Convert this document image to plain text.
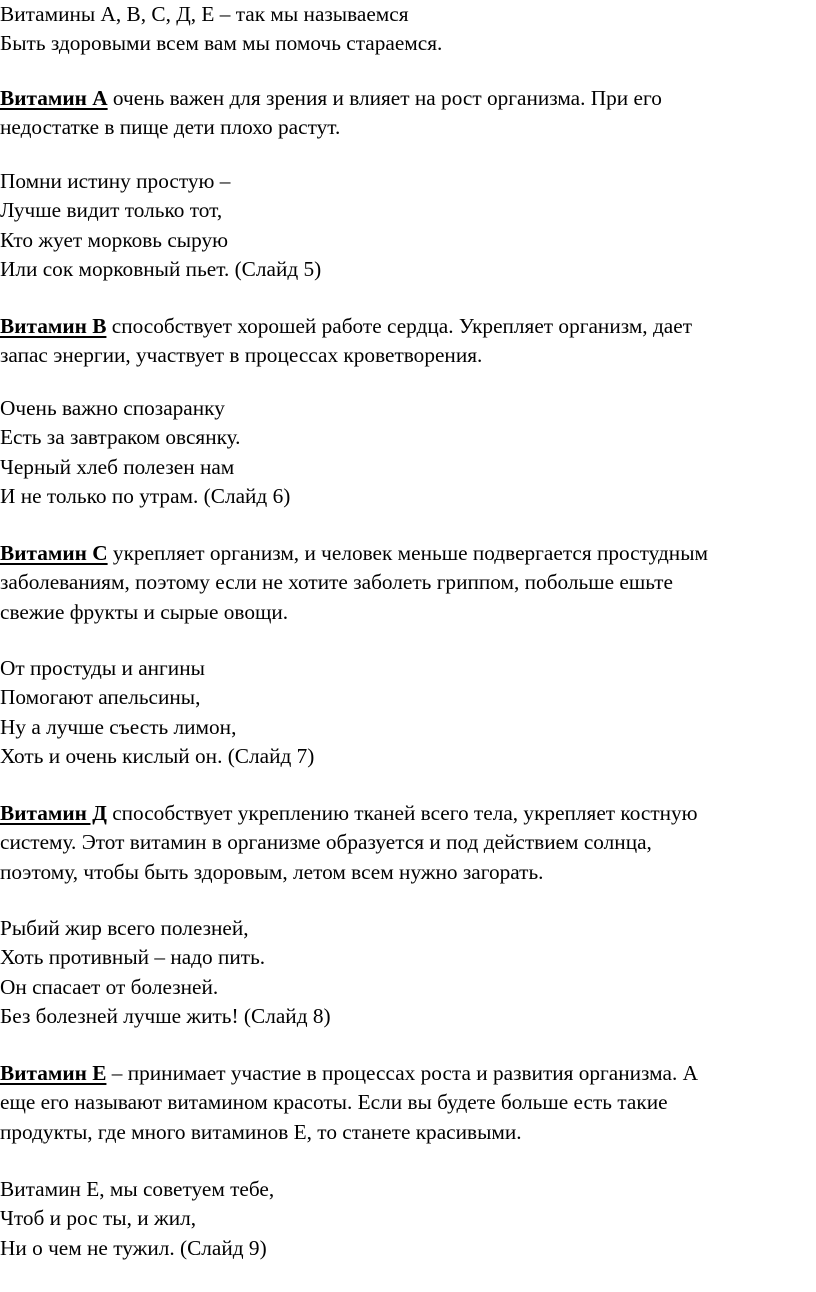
Витамины А, В, С, Д, Е – так мы называемся
Быть здоровыми всем вам мы помочь стараемся.
Витамин А очень важен для зрения и влияет на рост организма. При его
недостатке в пище дети плохо растут.
Помни истину простую –
Лучше видит только тот,
Кто жует морковь сырую
Или сок морковный пьет. (Слайд 5)
Витамин В способствует хорошей работе сердца. Укрепляет организм, дает
запас энергии, участвует в процессах кроветворения.
Очень важно спозаранку
Есть за завтраком овсянку.
Черный хлеб полезен нам
И не только по утрам. (Слайд 6)
Витамин С укрепляет организм, и человек меньше подвергается простудным
заболеваниям, поэтому если не хотите заболеть гриппом, побольше ешьте
свежие фрукты и сырые овощи.
От простуды и ангины
Помогают апельсины,
Ну а лучше съесть лимон,
Хоть и очень кислый он. (Слайд 7)
Витамин Д способствует укреплению тканей всего тела, укрепляет костную
систему. Этот витамин в организме образуется и под действием солнца,
поэтому, чтобы быть здоровым, летом всем нужно загорать.
Рыбий жир всего полезней,
Хоть противный – надо пить.
Он спасает от болезней.
Без болезней лучше жить! (Слайд 8)
Витамин Е – принимает участие в процессах роста и развития организма. А
еще его называют витамином красоты. Если вы будете больше есть такие
продукты, где много витаминов Е, то станете красивыми.
Витамин Е, мы советуем тебе,
Чтоб и рос ты, и жил,
Ни о чем не тужил. (Слайд 9)
